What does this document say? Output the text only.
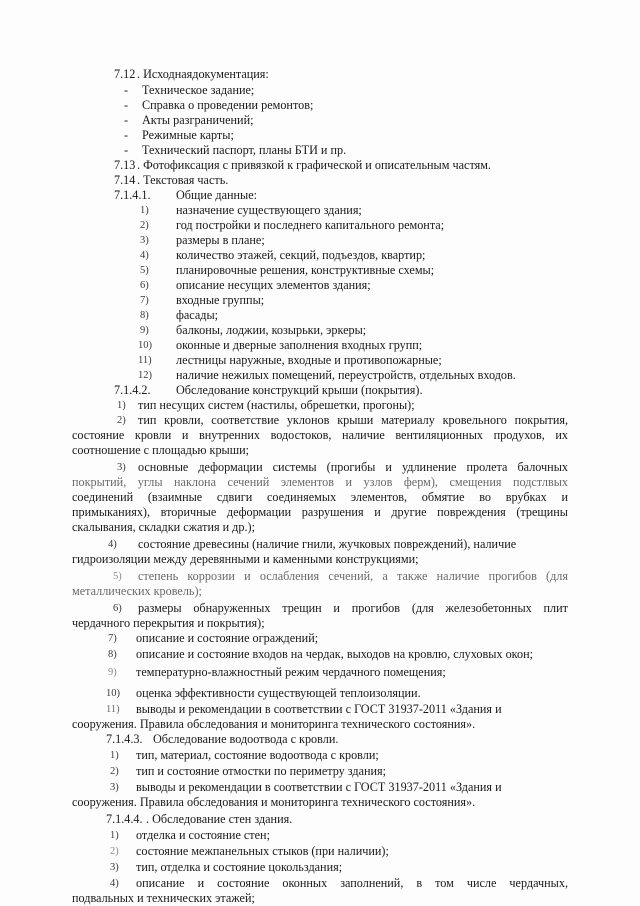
7.12 . Исходнаядокументация:
- Техническое задание;
- Справка о проведении ремонтов;
- Акты разграничений;
- Режимные карты;
- Технический паспорт, планы БТИ и пр.
7.13 . Фотофиксация с привязкой к графической и описательным частям.
7.14 . Текстовая часть.
7.1.4.1. Общие данные:
1) назначение существующего здания;
2) год постройки и последнего капитального ремонта;
3) размеры в плане;
4) количество этажей, секций, подъездов, квартир;
5) планировочные решения, конструктивные схемы;
6) описание несущих элементов здания;
7) входные группы;
8) фасады;
9) балконы, лоджии, козырьки, эркеры;
10) оконные и дверные заполнения входных групп;
11) лестницы наружные, входные и противопожарные;
12) наличие нежилых помещений, переустройств, отдельных входов.
7.1.4.2. Обследование конструкций крыши (покрытия).
1) тип несущих систем (настилы, обрешетки, прогоны);
2) тип кровли, соответствие уклонов крыши материалу кровельного покрытия,
состояние кровли и внутренних водостоков, наличие вентиляционных продухов, их
соотношение с площадью крыши;
3) основные деформации системы (прогибы и удлинение пролета балочных
покрытий, углы наклона сечений элементов и узлов ферм), смещения подстлвых
соединений (взаимные сдвиги соединяемых элементов, обмятие во врубках и
примыканиях), вторичные деформации разрушения и другие повреждения (трещины
скалывания, складки сжатия и др.);
4) состояние древесины (наличие гнили, жучковых повреждений), наличие
гидроизоляции между деревянными и каменными конструкциями;
5) степень коррозии и ослабления сечений, а также наличие прогибов (для
металлических кровель);
6) размеры обнаруженных трещин и прогибов (для железобетонных плит
чердачного перекрытия и покрытия);
7) описание и состояние ограждений;
8) описание и состояние входов на чердак, выходов на кровлю, слуховых окон;
9) температурно-влажностный режим чердачного помещения;
10) оценка эффективности существующей теплоизоляции.
11) выводы и рекомендации в соответствии с ГОСТ 31937-2011 «Здания и
сооружения. Правила обследования и мониторинга технического состояния».
7.1.4.3. Обследование водоотвода с кровли.
1) тип, материал, состояние водоотвода с кровли;
2) тип и состояние отмостки по периметру здания;
3) выводы и рекомендации в соответствии с ГОСТ 31937-2011 «Здания и
сооружения. Правила обследования и мониторинга технического состояния».
7.1.4.4. . Обследование стен здания.
1) отделка и состояние стен;
2) состояние межпанельных стыков (при наличии);
3) тип, отделка и состояние цокольздания;
4) описание и состояние оконных заполнений, в том числе чердачных,
подвальных и технических этажей;
